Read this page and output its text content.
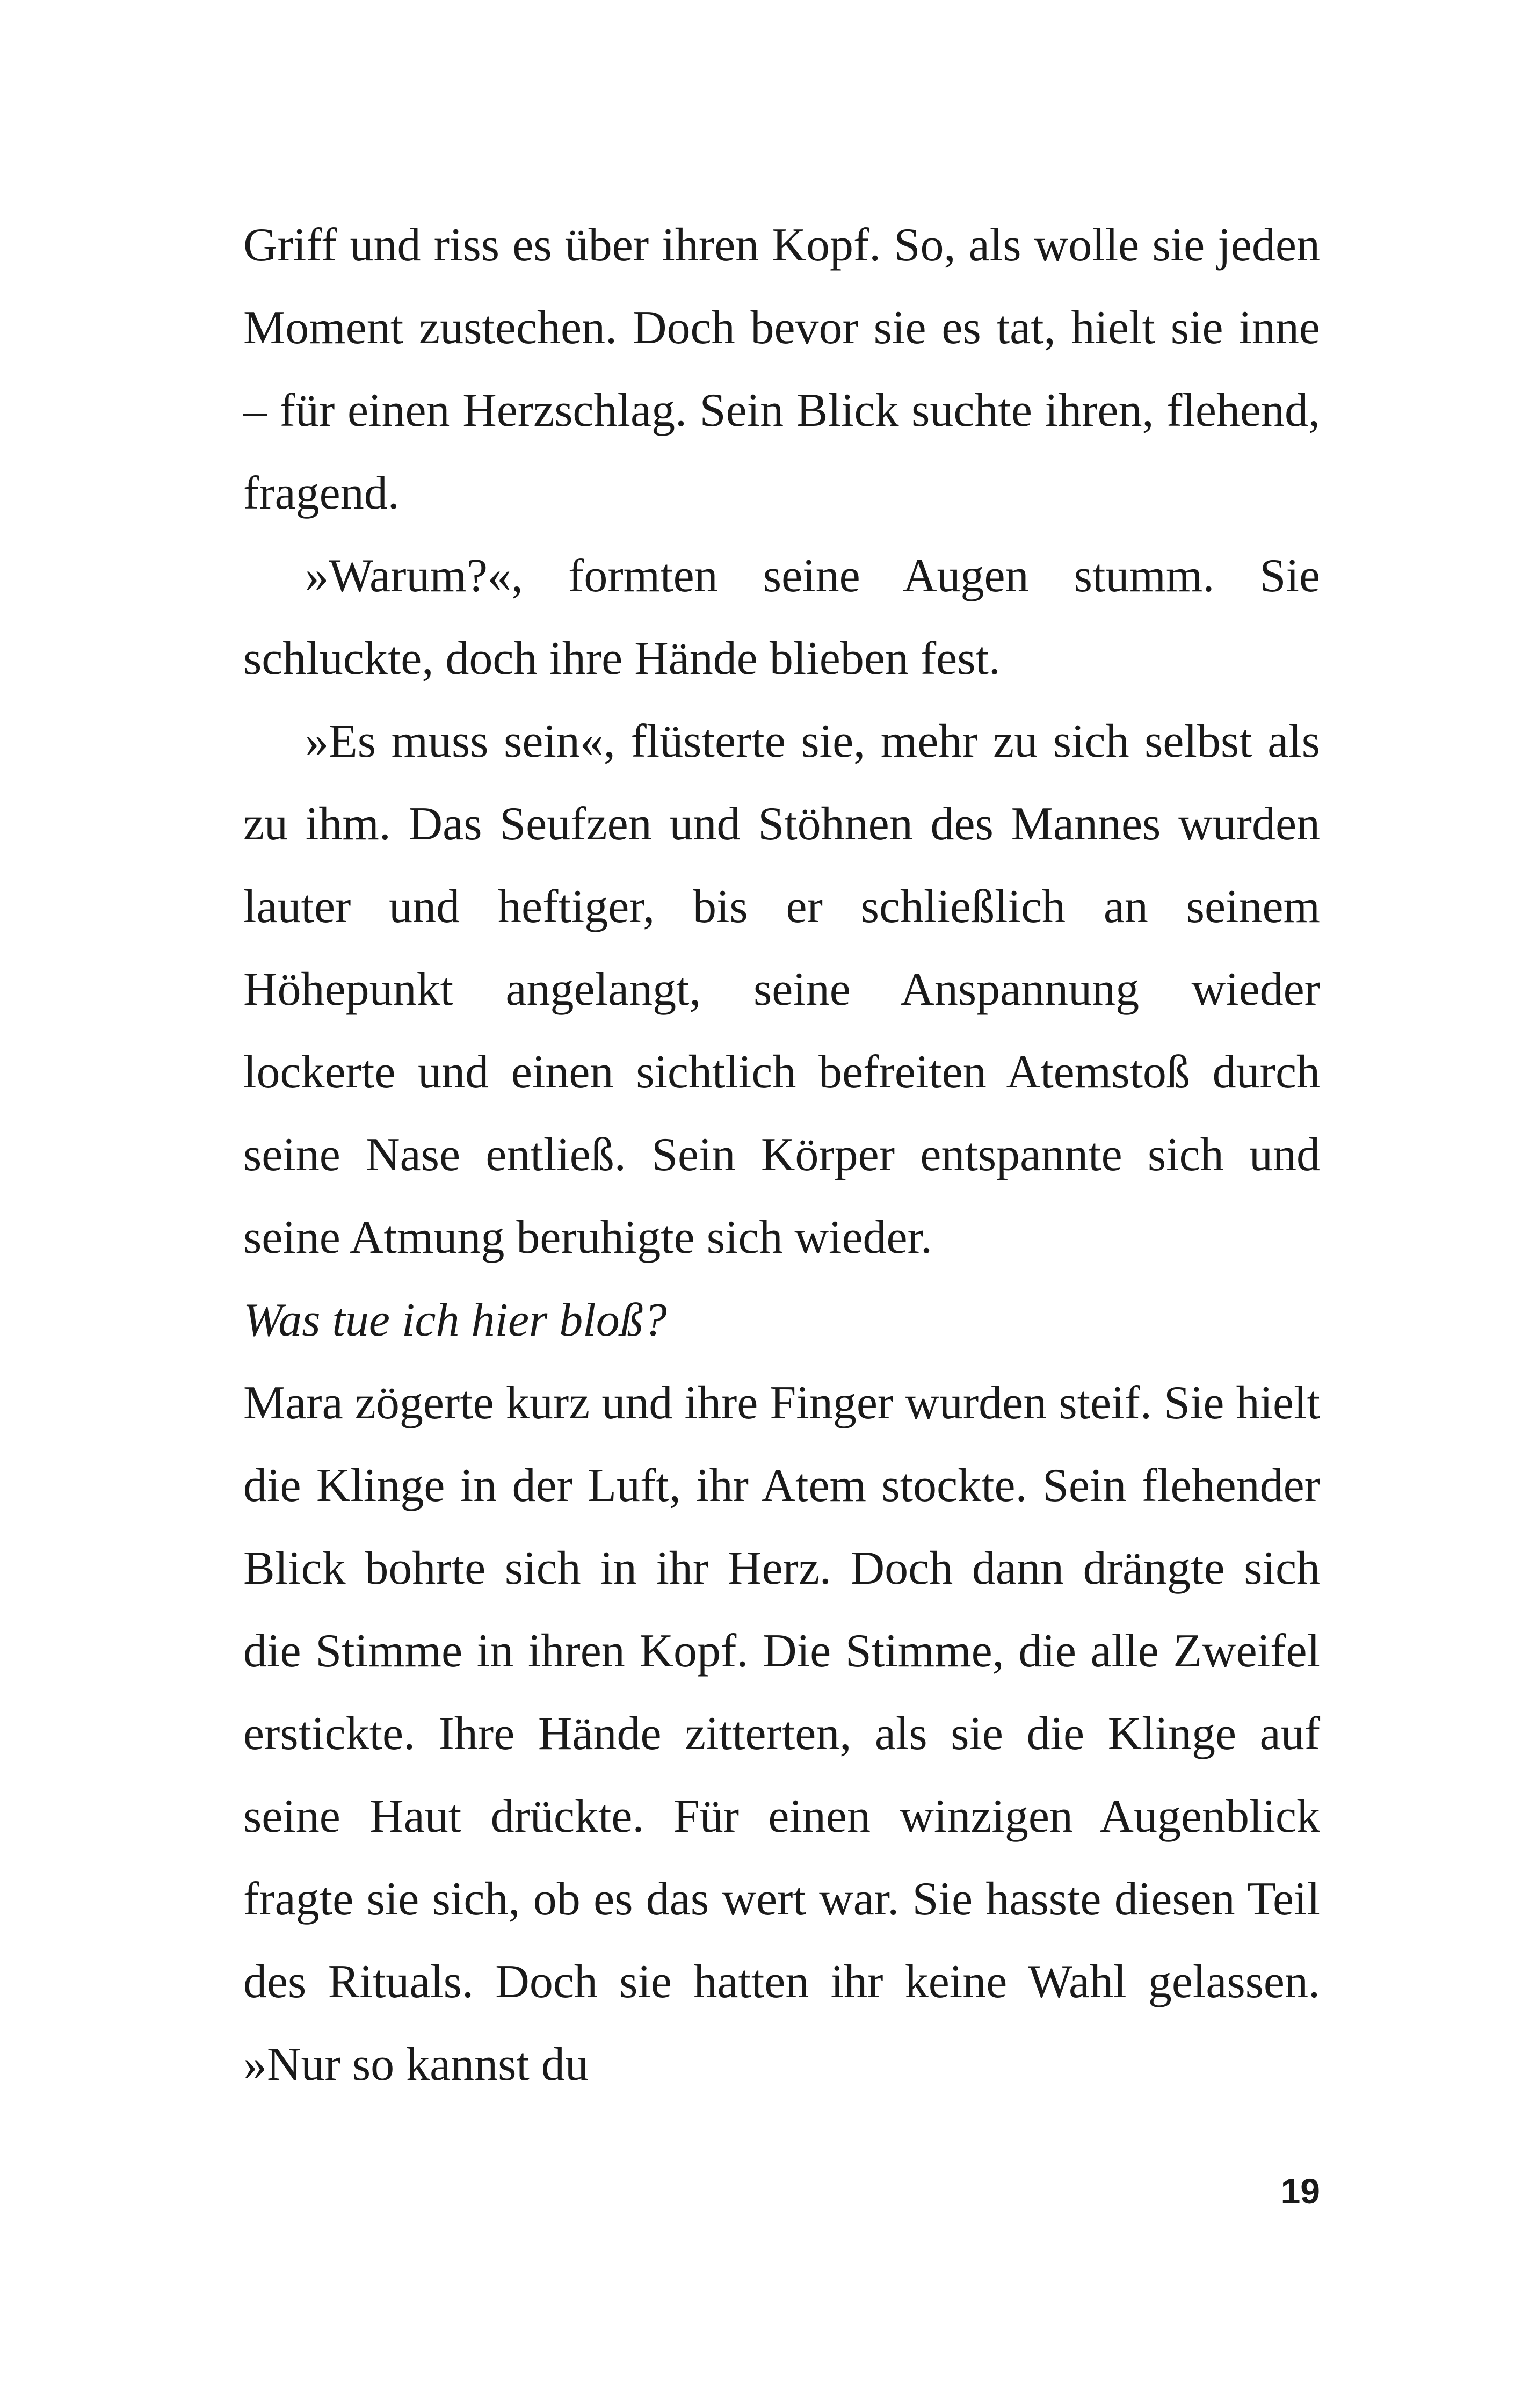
Griff und riss es über ihren Kopf. So, als wolle sie jeden Moment zustechen. Doch bevor sie es tat, hielt sie inne – für einen Herzschlag. Sein Blick suchte ihren, flehend, fragend.

»Warum?«, formten seine Augen stumm. Sie schluckte, doch ihre Hände blieben fest.

»Es muss sein«, flüsterte sie, mehr zu sich selbst als zu ihm. Das Seufzen und Stöhnen des Mannes wurden lauter und heftiger, bis er schließlich an seinem Höhepunkt angelangt, seine Anspannung wieder lockerte und einen sichtlich befreiten Atemstoß durch seine Nase entließ. Sein Körper entspannte sich und seine Atmung beruhigte sich wieder.

Was tue ich hier bloß?

Mara zögerte kurz und ihre Finger wurden steif. Sie hielt die Klinge in der Luft, ihr Atem stockte. Sein flehender Blick bohrte sich in ihr Herz. Doch dann drängte sich die Stimme in ihren Kopf. Die Stimme, die alle Zweifel erstickte. Ihre Hände zitterten, als sie die Klinge auf seine Haut drückte. Für einen winzigen Augenblick fragte sie sich, ob es das wert war. Sie hasste diesen Teil des Rituals. Doch sie hatten ihr keine Wahl gelassen. »Nur so kannst du

19
